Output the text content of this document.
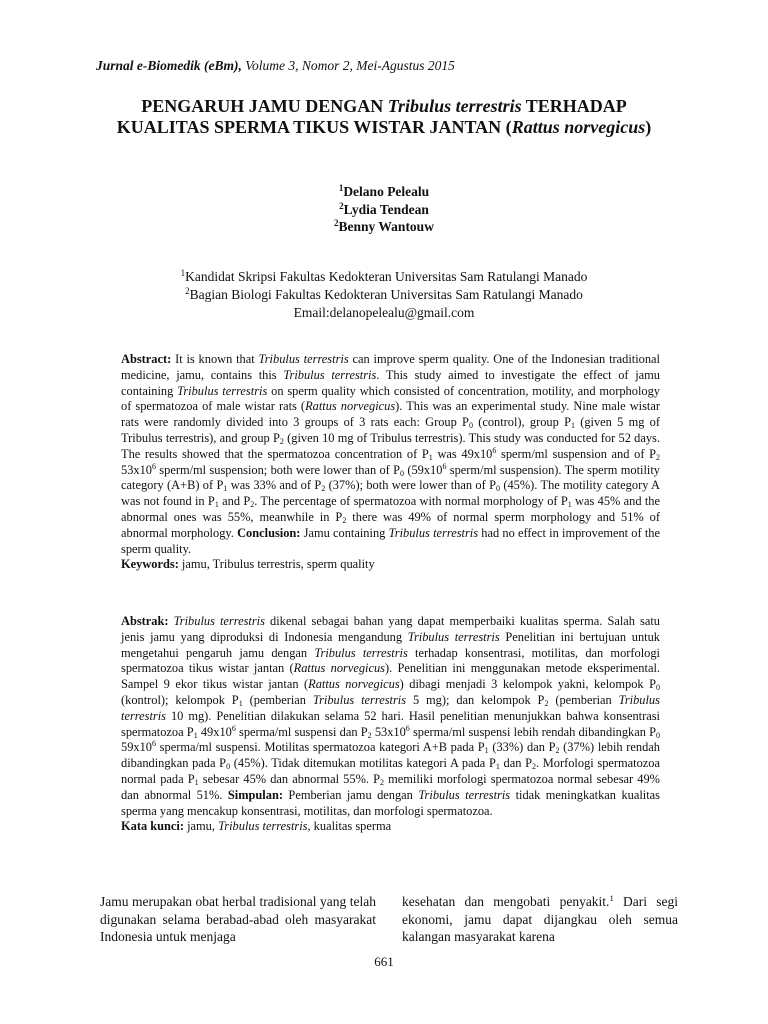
Jurnal e-Biomedik (eBm), Volume 3, Nomor 2, Mei-Agustus 2015
PENGARUH JAMU DENGAN Tribulus terrestris TERHADAP
KUALITAS SPERMA TIKUS WISTAR JANTAN (Rattus norvegicus)
$^1$Delano Pelealu
$^2$Lydia Tendean
$^2$Benny Wantouw
$^1$Kandidat Skripsi Fakultas Kedokteran Universitas Sam Ratulangi Manado
$^2$Bagian Biologi Fakultas Kedokteran Universitas Sam Ratulangi Manado
Email:delanopelealu@gmail.com
Abstract: It is known that Tribulus terrestris can improve sperm quality. One of the Indonesian traditional medicine, jamu, contains this Tribulus terrestris. This study aimed to investigate the effect of jamu containing Tribulus terrestris on sperm quality which consisted of concentration, motility, and morphology of spermatozoa of male wistar rats (Rattus norvegicus). This was an experimental study. Nine male wistar rats were randomly divided into 3 groups of 3 rats each: Group $P_0$ (control), group $P_1$ (given 5 mg of Tribulus terrestris), and group $P_2$ (given 10 mg of Tribulus terrestris). This study was conducted for 52 days. The results showed that the spermatozoa concentration of $P_1$ was $49x10^6$ sperm/ml suspension and of $P_2$ $53x10^6$ sperm/ml suspension; both were lower than of $P_0$ ($59x10^6$ sperm/ml suspension). The sperm motility category (A+B) of $P_1$ was 33% and of $P_2$ (37%); both were lower than of $P_0$ (45%). The motility category A was not found in $P_1$ and $P_2$. The percentage of spermatozoa with normal morphology of $P_1$ was 45% and the abnormal ones was 55%, meanwhile in $P_2$ there was 49% of normal sperm morphology and 51% of abnormal morphology. Conclusion: Jamu containing Tribulus terrestris had no effect in improvement of the sperm quality.
Keywords: jamu, Tribulus terrestris, sperm quality
Abstrak: Tribulus terrestris dikenal sebagai bahan yang dapat memperbaiki kualitas sperma. Salah satu jenis jamu yang diproduksi di Indonesia mengandung Tribulus terrestris Penelitian ini bertujuan untuk mengetahui pengaruh jamu dengan Tribulus terrestris terhadap konsentrasi, motilitas, dan morfologi spermatozoa tikus wistar jantan (Rattus norvegicus). Penelitian ini menggunakan metode eksperimental. Sampel 9 ekor tikus wistar jantan (Rattus norvegicus) dibagi menjadi 3 kelompok yakni, kelompok $P_0$ (kontrol); kelompok $P_1$ (pemberian Tribulus terrestris 5 mg); dan kelompok $P_2$ (pemberian Tribulus terrestris 10 mg). Penelitian dilakukan selama 52 hari. Hasil penelitian menunjukkan bahwa konsentrasi spermatozoa $P_1$ $49x10^6$ sperma/ml suspensi dan $P_2$ $53x10^6$ sperma/ml suspensi lebih rendah dibandingkan $P_0$ $59x10^6$ sperma/ml suspensi. Motilitas spermatozoa kategori A+B pada $P_1$ (33%) dan $P_2$ (37%) lebih rendah dibandingkan pada $P_0$ (45%). Tidak ditemukan motilitas kategori A pada $P_1$ dan $P_2$. Morfologi spermatozoa normal pada $P_1$ sebesar 45% dan abnormal 55%. $P_2$ memiliki morfologi spermatozoa normal sebesar 49% dan abnormal 51%. Simpulan: Pemberian jamu dengan Tribulus terrestris tidak meningkatkan kualitas sperma yang mencakup konsentrasi, motilitas, dan morfologi spermatozoa.
Kata kunci: jamu, Tribulus terrestris, kualitas sperma
Jamu merupakan obat herbal tradisional yang telah digunakan selama berabad-abad oleh masyarakat Indonesia untuk menjaga
kesehatan dan mengobati penyakit.$^1$ Dari segi ekonomi, jamu dapat dijangkau oleh semua kalangan masyarakat karena
661
